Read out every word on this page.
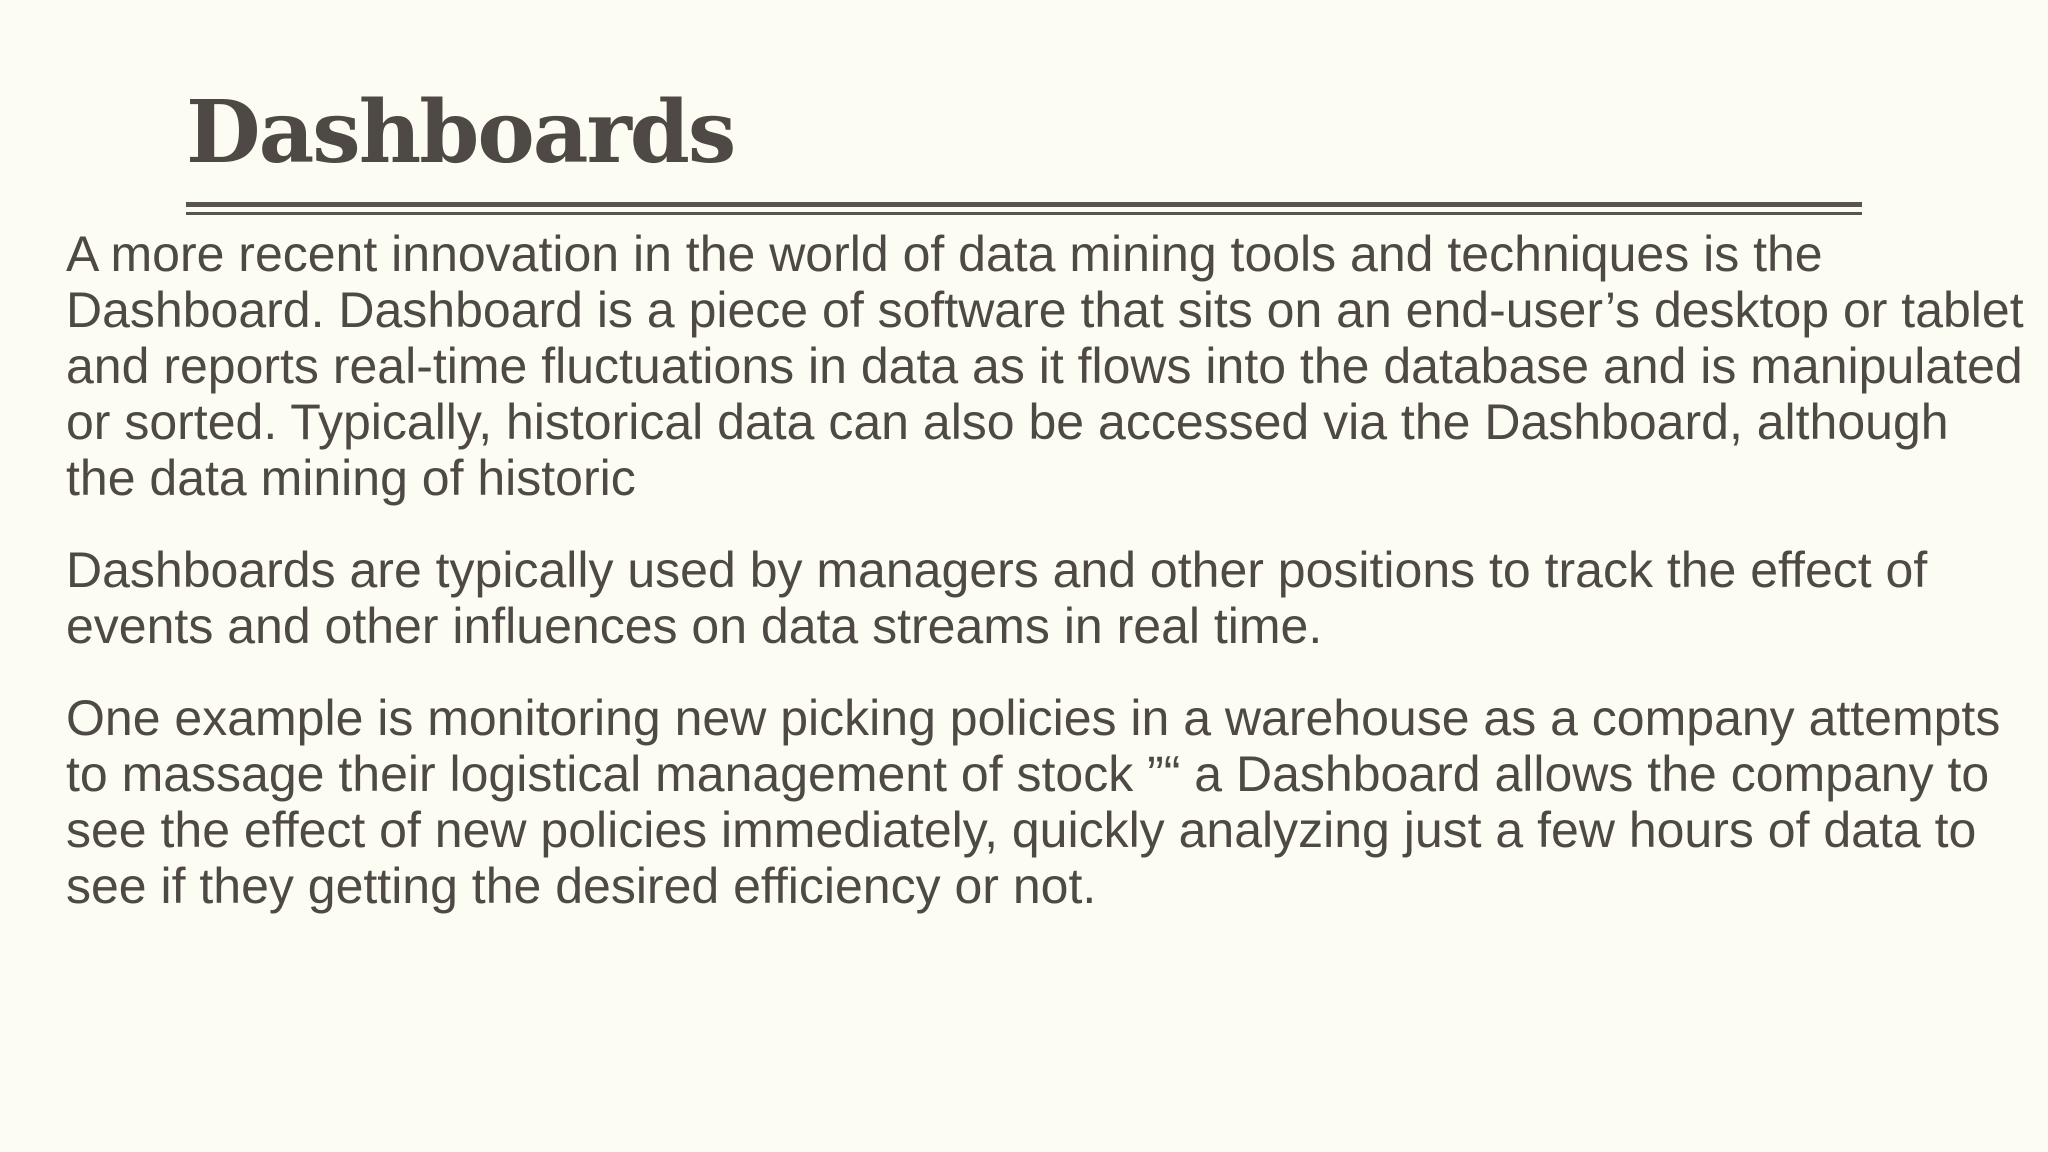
Dashboards

A more recent innovation in the world of data mining tools and techniques is the Dashboard. Dashboard is a piece of software that sits on an end-user’s desktop or tablet and reports real-time fluctuations in data as it flows into the database and is manipulated or sorted. Typically, historical data can also be accessed via the Dashboard, although the data mining of historic

Dashboards are typically used by managers and other positions to track the effect of events and other influences on data streams in real time.

One example is monitoring new picking policies in a warehouse as a company attempts to massage their logistical management of stock ”“ a Dashboard allows the company to see the effect of new policies immediately, quickly analyzing just a few hours of data to see if they getting the desired efficiency or not.
